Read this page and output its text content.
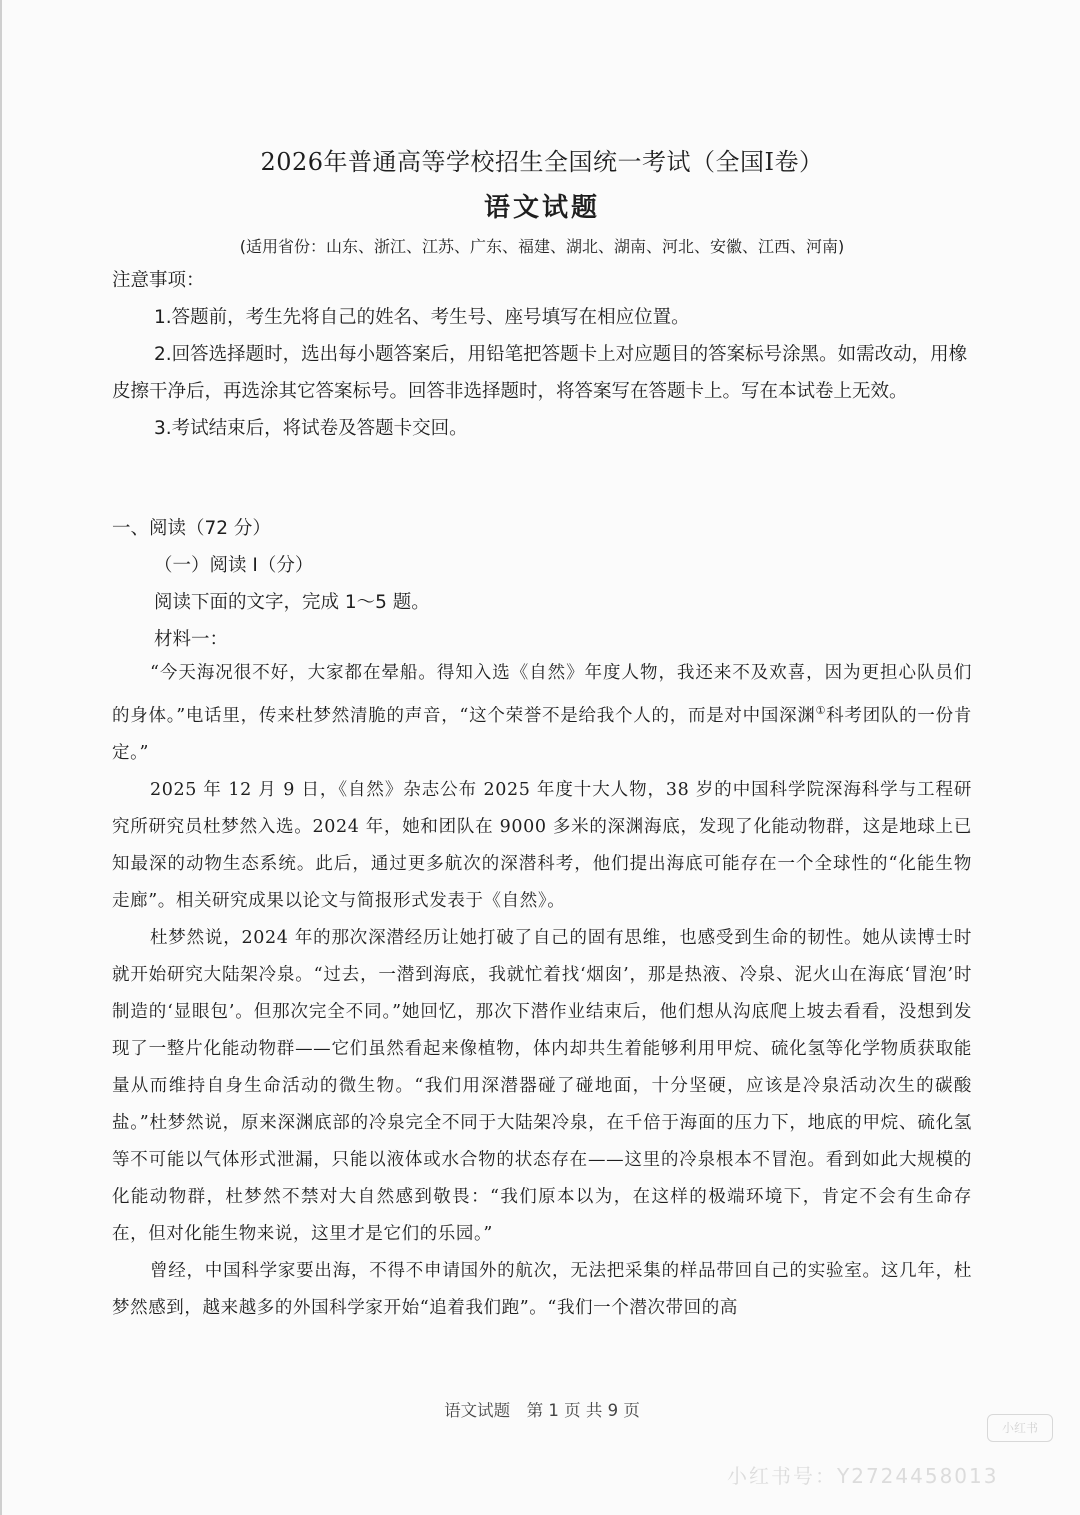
2026年普通高等学校招生全国统一考试（全国Ⅰ卷）
语文试题
(适用省份：山东、浙江、江苏、广东、福建、湖北、湖南、河北、安徽、江西、河南)

注意事项：

1.答题前，考生先将自己的姓名、考生号、座号填写在相应位置。

2.回答选择题时，选出每小题答案后，用铅笔把答题卡上对应题目的答案标号涂黑。如需改动，用橡皮擦干净后，再选涂其它答案标号。回答非选择题时，将答案写在答题卡上。写在本试卷上无效。

3.考试结束后，将试卷及答题卡交回。

一、阅读（72 分）

（一）阅读 I（分）

阅读下面的文字，完成 1～5 题。

材料一：

“今天海况很不好，大家都在晕船。得知入选《自然》年度人物，我还来不及欢喜，因为更担心队员们的身体。”电话里，传来杜梦然清脆的声音，“这个荣誉不是给我个人的，而是对中国深渊①科考团队的一份肯定。”

2025 年 12 月 9 日，《自然》杂志公布 2025 年度十大人物，38 岁的中国科学院深海科学与工程研究所研究员杜梦然入选。2024 年，她和团队在 9000 多米的深渊海底，发现了化能动物群，这是地球上已知最深的动物生态系统。此后，通过更多航次的深潜科考，他们提出海底可能存在一个全球性的“化能生物走廊”。相关研究成果以论文与简报形式发表于《自然》。

杜梦然说，2024 年的那次深潜经历让她打破了自己的固有思维，也感受到生命的韧性。她从读博士时就开始研究大陆架冷泉。“过去，一潜到海底，我就忙着找‘烟囱’，那是热液、冷泉、泥火山在海底‘冒泡’时制造的‘显眼包’。但那次完全不同。”她回忆，那次下潜作业结束后，他们想从沟底爬上坡去看看，没想到发现了一整片化能动物群——它们虽然看起来像植物，体内却共生着能够利用甲烷、硫化氢等化学物质获取能量从而维持自身生命活动的微生物。“我们用深潜器碰了碰地面，十分坚硬，应该是冷泉活动次生的碳酸盐。”杜梦然说，原来深渊底部的冷泉完全不同于大陆架冷泉，在千倍于海面的压力下，地底的甲烷、硫化氢等不可能以气体形式泄漏，只能以液体或水合物的状态存在——这里的冷泉根本不冒泡。看到如此大规模的化能动物群，杜梦然不禁对大自然感到敬畏：“我们原本以为，在这样的极端环境下，肯定不会有生命存在，但对化能生物来说，这里才是它们的乐园。”

曾经，中国科学家要出海，不得不申请国外的航次，无法把采集的样品带回自己的实验室。这几年，杜梦然感到，越来越多的外国科学家开始“追着我们跑”。“我们一个潜次带回的高

语文试题　第 1 页 共 9 页
小红书
小红书号：Y2724458013
